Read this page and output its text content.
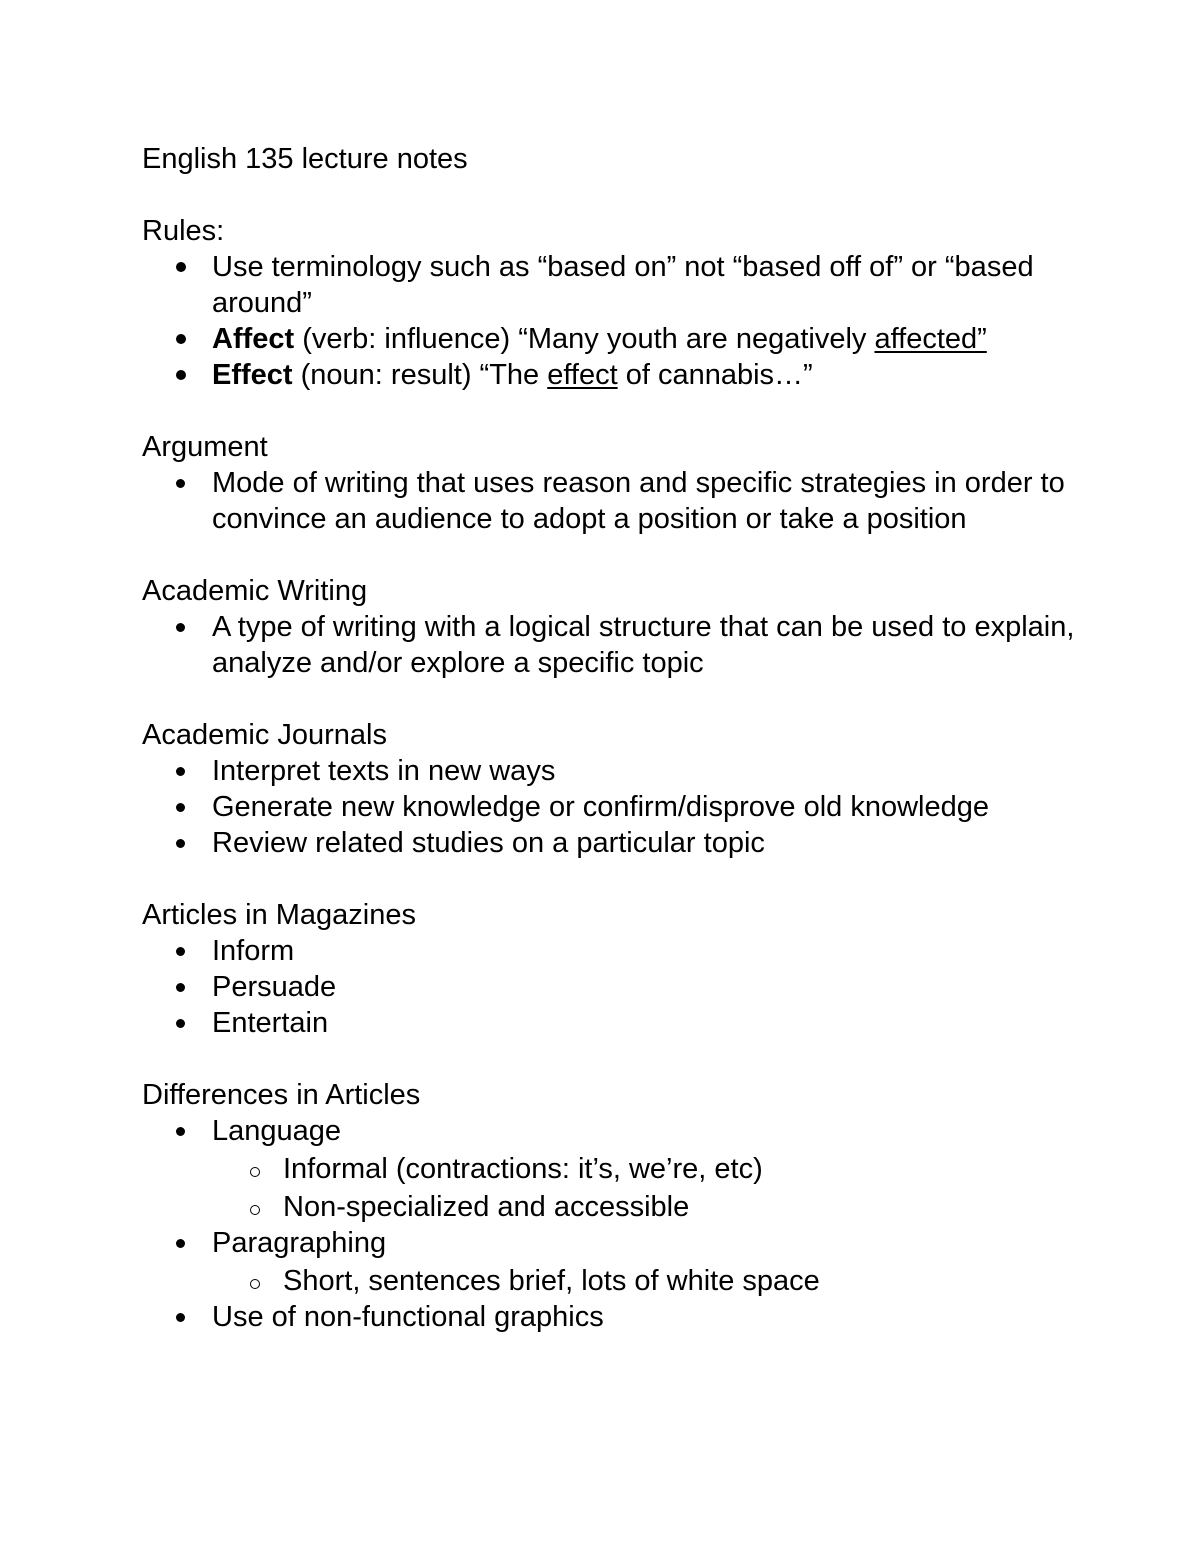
English 135 lecture notes
Rules:
Use terminology such as “based on” not “based off of” or “based around”
Affect (verb: influence) “Many youth are negatively affected”
Effect (noun: result) “The effect of cannabis…”
Argument
Mode of writing that uses reason and specific strategies in order to convince an audience to adopt a position or take a position
Academic Writing
A type of writing with a logical structure that can be used to explain, analyze and/or explore a specific topic
Academic Journals
Interpret texts in new ways
Generate new knowledge or confirm/disprove old knowledge
Review related studies on a particular topic
Articles in Magazines
Inform
Persuade
Entertain
Differences in Articles
Language
Informal (contractions: it’s, we’re, etc)
Non-specialized and accessible
Paragraphing
Short, sentences brief, lots of white space
Use of non-functional graphics
